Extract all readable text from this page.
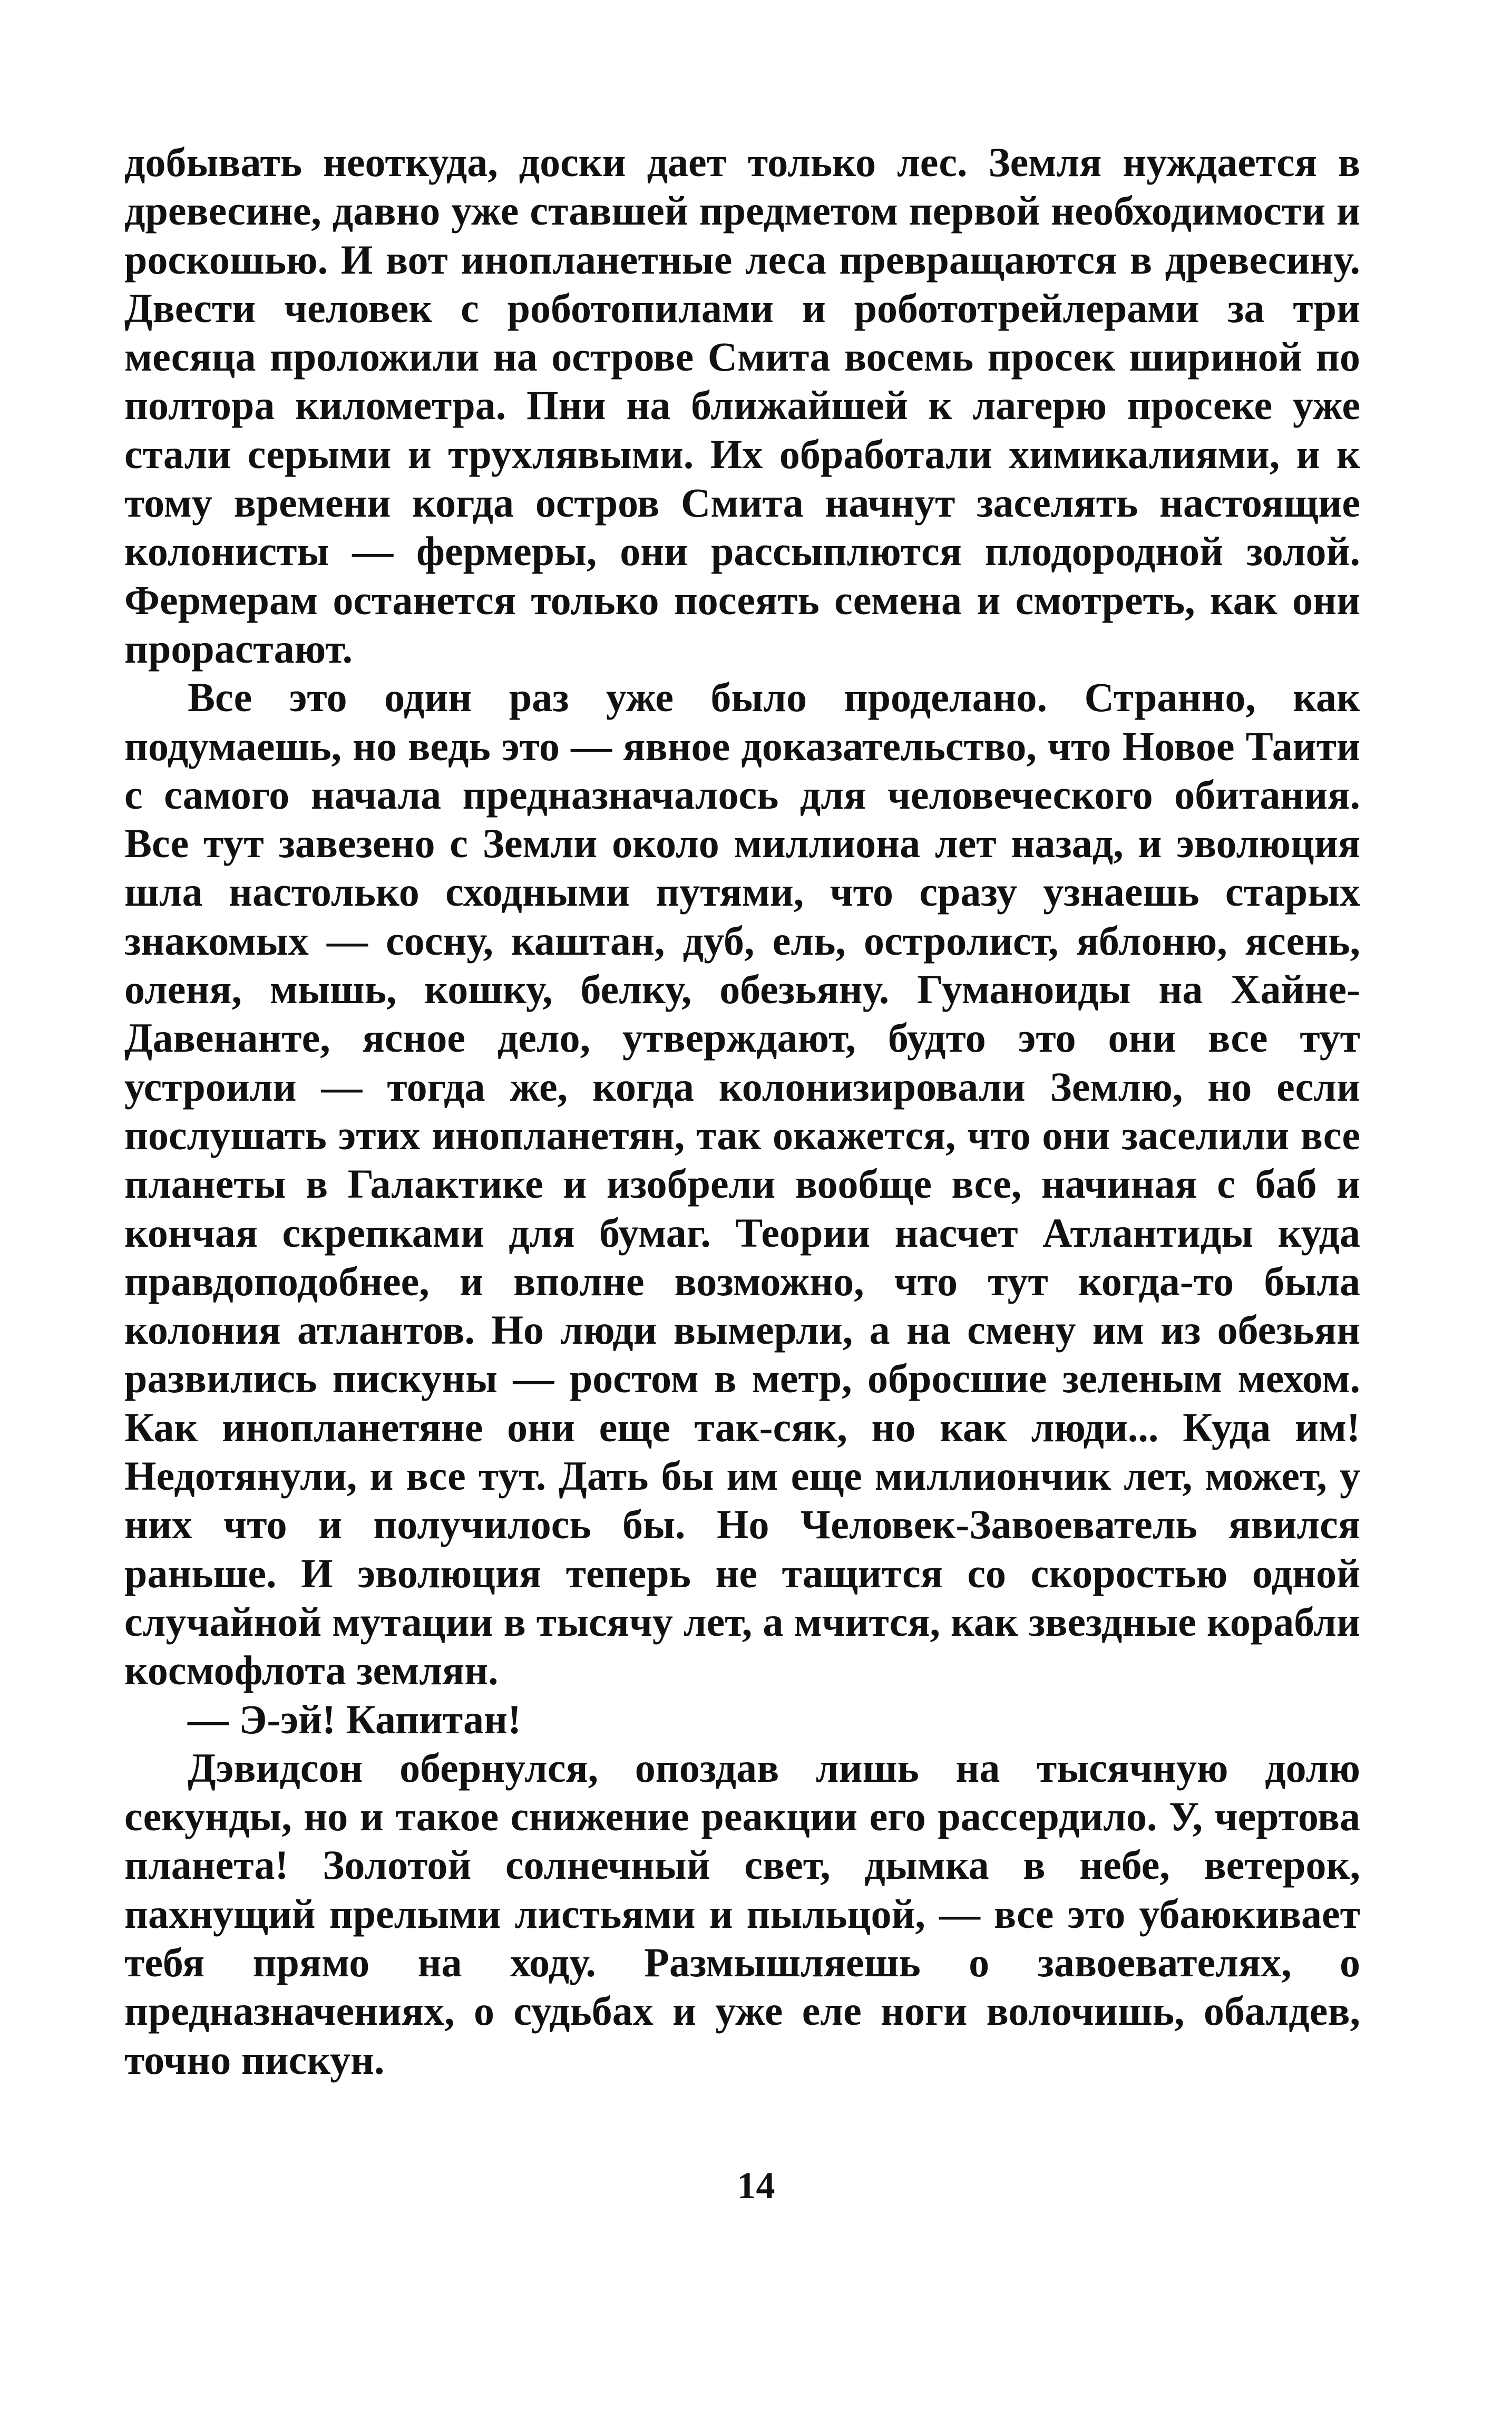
добывать неоткуда, доски дает только лес. Земля нуждается в древесине, давно уже ставшей предметом первой необходимости и роскошью. И вот инопланетные леса превращаются в древесину. Двести человек с роботопилами и робототрейлерами за три месяца проложили на острове Смита восемь просек шириной по полтора километра. Пни на ближайшей к лагерю просеке уже стали серыми и трухлявыми. Их обработали химикалиями, и к тому времени когда остров Смита начнут заселять настоящие колонисты — фермеры, они рассыплются плодородной золой. Фермерам останется только посеять семена и смотреть, как они прорастают.

Все это один раз уже было проделано. Странно, как подумаешь, но ведь это — явное доказательство, что Новое Таити с самого начала предназначалось для человеческого обитания. Все тут завезено с Земли около миллиона лет назад, и эволюция шла настолько сходными путями, что сразу узнаешь старых знакомых — сосну, каштан, дуб, ель, остролист, яблоню, ясень, оленя, мышь, кошку, белку, обезьяну. Гуманоиды на Хайне-Давенанте, ясное дело, утверждают, будто это они все тут устроили — тогда же, когда колонизировали Землю, но если послушать этих инопланетян, так окажется, что они заселили все планеты в Галактике и изобрели вообще все, начиная с баб и кончая скрепками для бумаг. Теории насчет Атлантиды куда правдоподобнее, и вполне возможно, что тут когда-то была колония атлантов. Но люди вымерли, а на смену им из обезьян развились пискуны — ростом в метр, обросшие зеленым мехом. Как инопланетяне они еще так-сяк, но как люди... Куда им! Недотянули, и все тут. Дать бы им еще миллиончик лет, может, у них что и получилось бы. Но Человек-Завоеватель явился раньше. И эволюция теперь не тащится со скоростью одной случайной мутации в тысячу лет, а мчится, как звездные корабли космофлота землян.

— Э-эй! Капитан!

Дэвидсон обернулся, опоздав лишь на тысячную долю секунды, но и такое снижение реакции его рассердило. У, чертова планета! Золотой солнечный свет, дымка в небе, ветерок, пахнущий прелыми листьями и пыльцой, — все это убаюкивает тебя прямо на ходу. Размышляешь о завоевателях, о предназначениях, о судьбах и уже еле ноги волочишь, обалдев, точно пискун.

14
